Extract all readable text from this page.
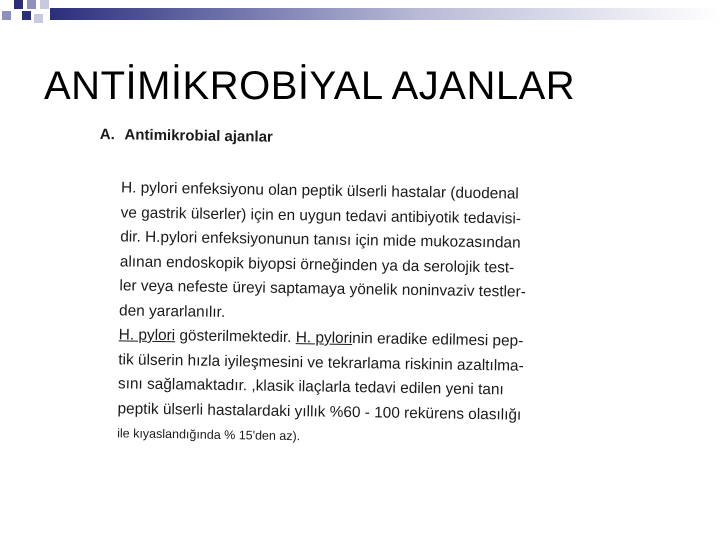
ANTİMİKROBİYAL AJANLAR
A. Antimikrobial ajanlar
H. pylori enfeksiyonu olan peptik ülserli hastalar (duodenal
ve gastrik ülserler) için en uygun tedavi antibiyotik tedavisi-
dir. H.pylori enfeksiyonunun tanısı için mide mukozasından
alınan endoskopik biyopsi örneğinden ya da serolojik test-
ler veya nefeste üreyi saptamaya yönelik noninvaziv testler-
den yararlanılır.
H. pylori gösterilmektedir. H. pylorinin eradike edilmesi pep-
tik ülserin hızla iyileşmesini ve tekrarlama riskinin azaltılma-
sını sağlamaktadır. ,klasik ilaçlarla tedavi edilen yeni tanı
peptik ülserli hastalardaki yıllık %60 - 100 rekürens olasılığı
ile kıyaslandığında % 15'den az).
